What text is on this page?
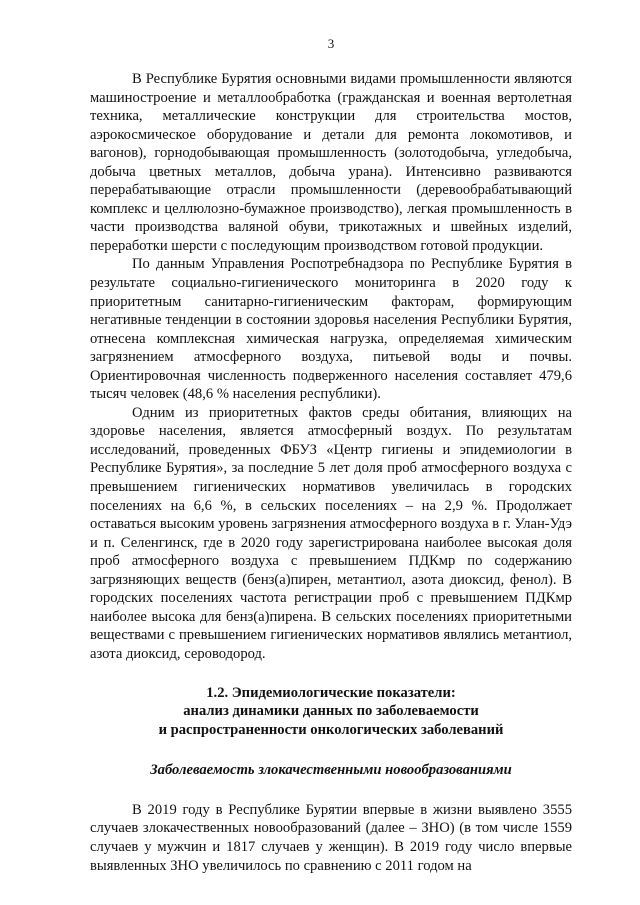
3

В Республике Бурятия основными видами промышленности являются машиностроение и металлообработка (гражданская и военная вертолетная техника, металлические конструкции для строительства мостов, аэрокосмическое оборудование и детали для ремонта локомотивов, и вагонов), горнодобывающая промышленность (золотодобыча, угледобыча, добыча цветных металлов, добыча урана). Интенсивно развиваются перерабатывающие отрасли промышленности (деревообрабатывающий комплекс и целлюлозно-бумажное производство), легкая промышленность в части производства валяной обуви, трикотажных и швейных изделий, переработки шерсти с последующим производством готовой продукции.

По данным Управления Роспотребнадзора по Республике Бурятия в результате социально-гигиенического мониторинга в 2020 году к приоритетным санитарно-гигиеническим факторам, формирующим негативные тенденции в состоянии здоровья населения Республики Бурятия, отнесена комплексная химическая нагрузка, определяемая химическим загрязнением атмосферного воздуха, питьевой воды и почвы. Ориентировочная численность подверженного населения составляет 479,6 тысяч человек (48,6 % населения республики).

Одним из приоритетных фактов среды обитания, влияющих на здоровье населения, является атмосферный воздух. По результатам исследований, проведенных ФБУЗ «Центр гигиены и эпидемиологии в Республике Бурятия», за последние 5 лет доля проб атмосферного воздуха с превышением гигиенических нормативов увеличилась в городских поселениях на 6,6 %, в сельских поселениях – на 2,9 %. Продолжает оставаться высоким уровень загрязнения атмосферного воздуха в г. Улан-Удэ и п. Селенгинск, где в 2020 году зарегистрирована наиболее высокая доля проб атмосферного воздуха с превышением ПДКмр по содержанию загрязняющих веществ (бенз(а)пирен, метантиол, азота диоксид, фенол). В городских поселениях частота регистрации проб с превышением ПДКмр наиболее высока для бенз(а)пирена. В сельских поселениях приоритетными веществами с превышением гигиенических нормативов являлись метантиол, азота диоксид, сероводород.

1.2. Эпидемиологические показатели:
анализ динамики данных по заболеваемости
и распространенности онкологических заболеваний
Заболеваемость злокачественными новообразованиями

В 2019 году в Республике Бурятии впервые в жизни выявлено 3555 случаев злокачественных новообразований (далее – ЗНО) (в том числе 1559 случаев у мужчин и 1817 случаев у женщин). В 2019 году число впервые выявленных ЗНО увеличилось по сравнению с 2011 годом на
